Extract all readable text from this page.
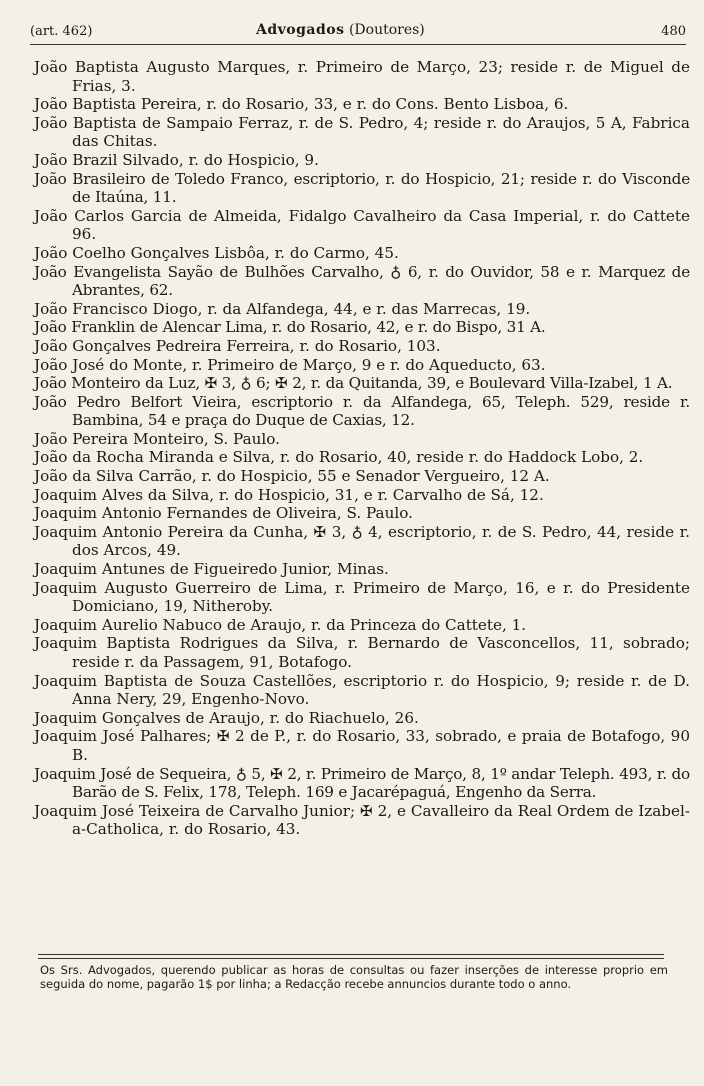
(art. 462)	Advogados (Doutores)	480
João Baptista Augusto Marques, r. Primeiro de Março, 23; reside r. de Miguel de Frias, 3.
João Baptista Pereira, r. do Rosario, 33, e r. do Cons. Bento Lisboa, 6.
João Baptista de Sampaio Ferraz, r. de S. Pedro, 4; reside r. do Araujos, 5 A, Fabrica das Chitas.
João Brazil Silvado, r. do Hospicio, 9.
João Brasileiro de Toledo Franco, escriptorio, r. do Hospicio, 21; reside r. do Visconde de Itaúna, 11.
João Carlos Garcia de Almeida, Fidalgo Cavalheiro da Casa Imperial, r. do Cattete 96.
João Coelho Gonçalves Lisbôa, r. do Carmo, 45.
João Evangelista Sayão de Bulhões Carvalho, ♁ 6, r. do Ouvidor, 58 e r. Marquez de Abrantes, 62.
João Francisco Diogo, r. da Alfandega, 44, e r. das Marrecas, 19.
João Franklin de Alencar Lima, r. do Rosario, 42, e r. do Bispo, 31 A.
João Gonçalves Pedreira Ferreira, r. do Rosario, 103.
João José do Monte, r. Primeiro de Março, 9 e r. do Aqueducto, 63.
João Monteiro da Luz, ✠ 3, ♁ 6; ✠ 2, r. da Quitanda, 39, e Boulevard Villa-Izabel, 1 A.
João Pedro Belfort Vieira, escriptorio r. da Alfandega, 65, Teleph. 529, reside r. Bambina, 54 e praça do Duque de Caxias, 12.
João Pereira Monteiro, S. Paulo.
João da Rocha Miranda e Silva, r. do Rosario, 40, reside r. do Haddock Lobo, 2.
João da Silva Carrão, r. do Hospicio, 55 e Senador Vergueiro, 12 A.
Joaquim Alves da Silva, r. do Hospicio, 31, e r. Carvalho de Sá, 12.
Joaquim Antonio Fernandes de Oliveira, S. Paulo.
Joaquim Antonio Pereira da Cunha, ✠ 3, ♁ 4, escriptorio, r. de S. Pedro, 44, reside r. dos Arcos, 49.
Joaquim Antunes de Figueiredo Junior, Minas.
Joaquim Augusto Guerreiro de Lima, r. Primeiro de Março, 16, e r. do Presidente Domiciano, 19, Nitheroby.
Joaquim Aurelio Nabuco de Araujo, r. da Princeza do Cattete, 1.
Joaquim Baptista Rodrigues da Silva, r. Bernardo de Vasconcellos, 11, sobrado; reside r. da Passagem, 91, Botafogo.
Joaquim Baptista de Souza Castellões, escriptorio r. do Hospicio, 9; reside r. de D. Anna Nery, 29, Engenho-Novo.
Joaquim Gonçalves de Araujo, r. do Riachuelo, 26.
Joaquim José Palhares; ✠ 2 de P., r. do Rosario, 33, sobrado, e praia de Botafogo, 90 B.
Joaquim José de Sequeira, ♁ 5, ✠ 2, r. Primeiro de Março, 8, 1º andar Teleph. 493, r. do Barão de S. Felix, 178, Teleph. 169 e Jacarépaguá, Engenho da Serra.
Joaquim José Teixeira de Carvalho Junior; ✠ 2, e Cavalleiro da Real Ordem de Izabel-a-Catholica, r. do Rosario, 43.
Os Srs. Advogados, querendo publicar as horas de consultas ou fazer inserções de interesse proprio em seguida do nome, pagarão 1$ por linha; a Redacção recebe annuncios durante todo o anno.
